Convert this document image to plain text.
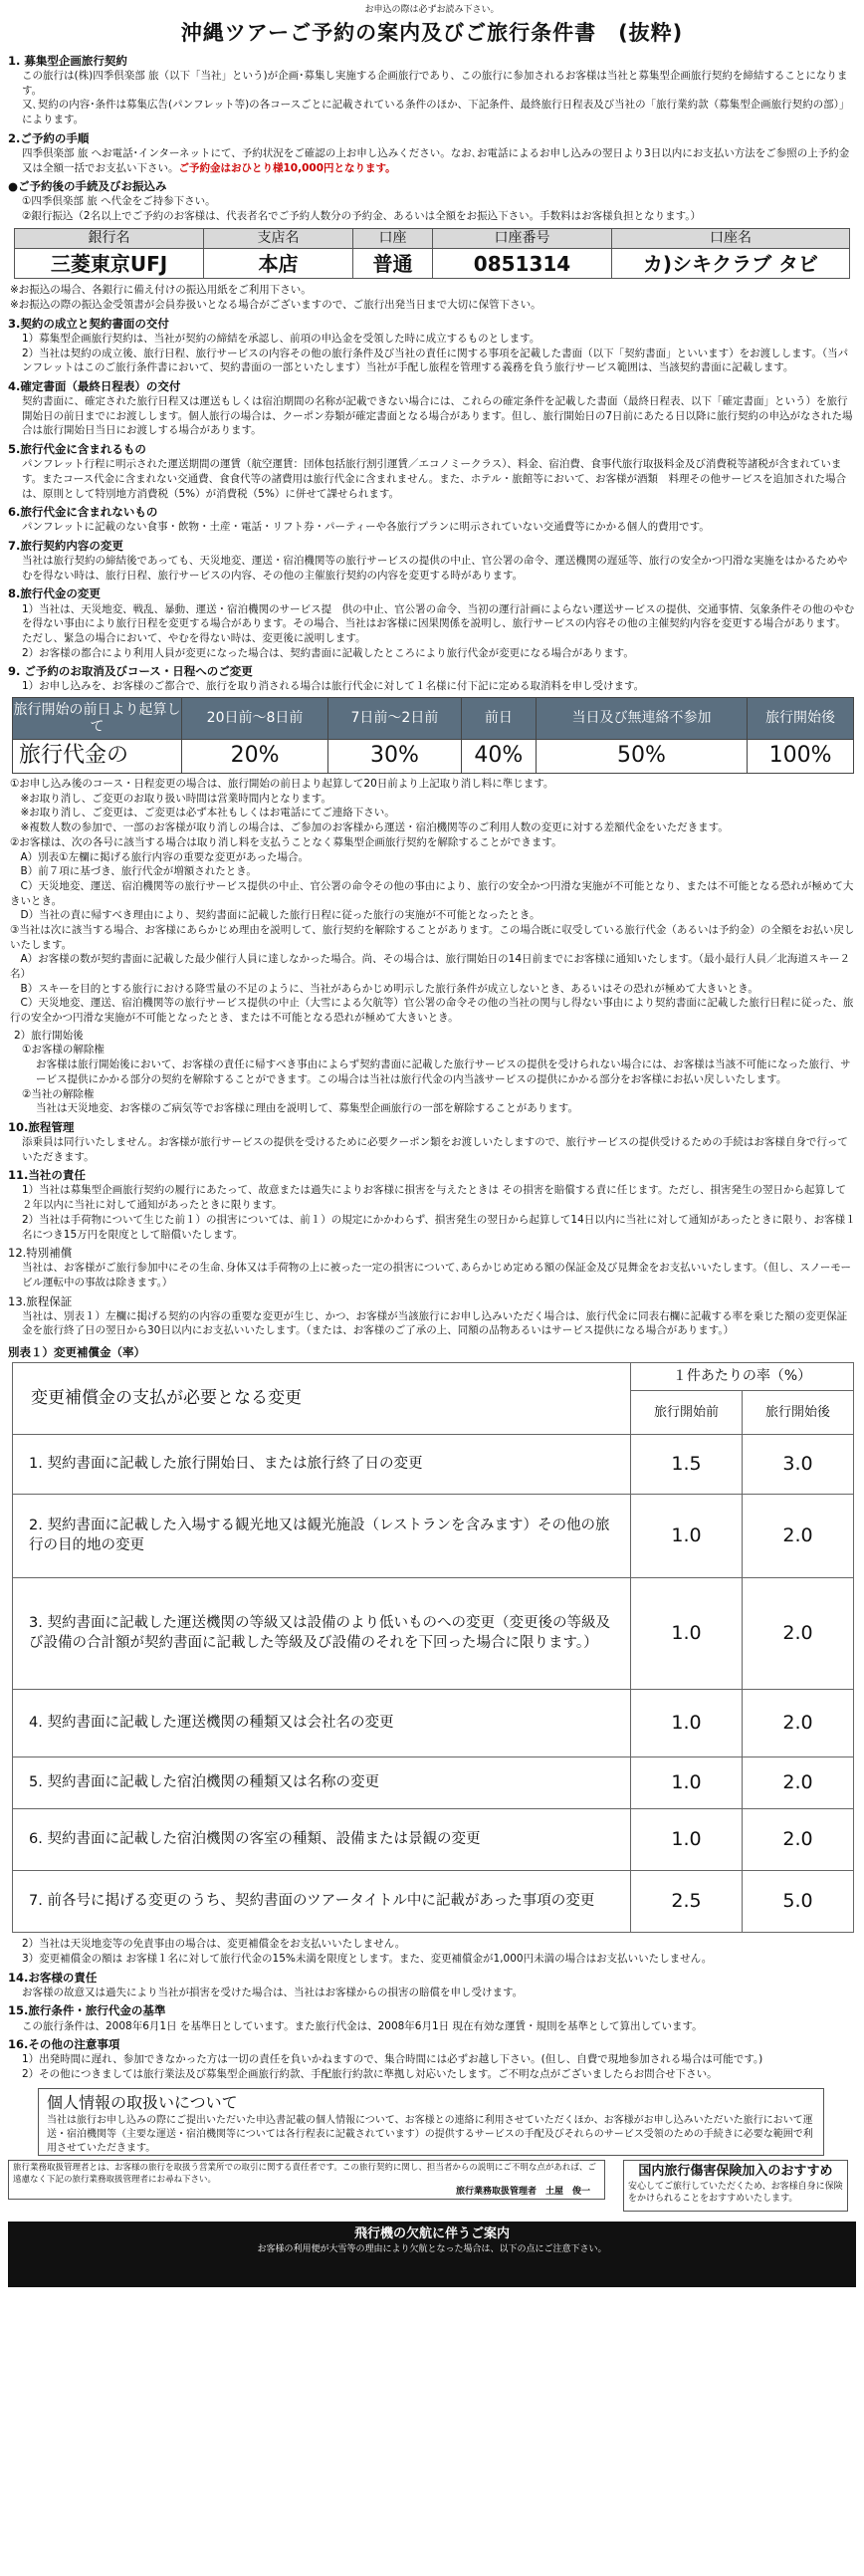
お申込の際は必ずお読み下さい。
沖縄ツアーご予約の案内及びご旅行条件書　(抜粋)
1. 募集型企画旅行契約
この旅行は(株)四季倶楽部 旅（以下「当社」という)が企画･募集し実施する企画旅行であり、この旅行に参加されるお客様は当社と募集型企画旅行契約を締結することになります。
又､契約の内容･条件は募集広告(パンフレット等)の各コースごとに記載されている条件のほか、下記条件、最終旅行日程表及び当社の「旅行業約款（募集型企画旅行契約の部）」によります。
2.ご予約の手順
四季倶楽部 旅 へお電話･インターネットにて、予約状況をご確認の上お申し込みください。なお､お電話によるお申し込みの翌日より3日以内にお支払い方法をご参照の上予約金又は全額一括でお支払い下さい。ご予約金はおひとり様10,000円となります。
●ご予約後の手続及びお振込み
①四季倶楽部 旅 へ代金をご持参下さい。
②銀行振込（2名以上でご予約のお客様は、代表者名でご予約人数分の予約金、あるいは全額をお振込下さい。手数料はお客様負担となります。）
銀行名	支店名	口座	口座番号	口座名
三菱東京UFJ	本店	普通	0851314	カ)シキクラブ タビ
※お振込の場合、各銀行に備え付けの振込用紙をご利用下さい。
※お振込の際の振込金受領書が会員券扱いとなる場合がございますので、ご旅行出発当日まで大切に保管下さい。
3.契約の成立と契約書面の交付
1）募集型企画旅行契約は、当社が契約の締結を承認し、前項の申込金を受領した時に成立するものとします。
2）当社は契約の成立後、旅行日程、旅行サービスの内容その他の旅行条件及び当社の責任に関する事項を記載した書面（以下「契約書面」といいます）をお渡しします。（当パンフレットはこのご旅行条件書において、契約書面の一部といたします）当社が手配し旅程を管理する義務を負う旅行サービス範囲は、当該契約書面に記載します。
4.確定書面（最終日程表）の交付
契約書面に、確定された旅行日程又は運送もしくは宿泊期間の名称が記載できない場合には、これらの確定条件を記載した書面（最終日程表、以下「確定書面」という）を旅行開始日の前日までにお渡しします。個人旅行の場合は、クーポン券類が確定書面となる場合があります。但し、旅行開始日の7日前にあたる日以降に旅行契約の申込がなされた場合は旅行開始日当日にお渡しする場合があります。
5.旅行代金に含まれるもの
パンフレット行程に明示された運送期間の運賃（航空運賃：団体包括旅行割引運賃／エコノミークラス）、料金、宿泊費、食事代旅行取扱料金及び消費税等諸税が含まれています。またコース代金に含まれない交通費、食食代等の諸費用は旅行代金に含まれません。また、ホテル・旅館等において、お客様が酒類　料理その他サービスを追加された場合は、原則として特別地方消費税（5%）が消費税（5%）に併せて課せられます。
6.旅行代金に含まれないもの
パンフレットに記載のない食事・飲物・土産・電話・リフト券・パーティーや各旅行プランに明示されていない交通費等にかかる個人的費用です。
7.旅行契約内容の変更
当社は旅行契約の締結後であっても、天災地変、運送・宿泊機関等の旅行サービスの提供の中止、官公署の命令、運送機関の遅延等、旅行の安全かつ円滑な実施をはかるためやむを得ない時は、旅行日程、旅行サービスの内容、その他の主催旅行契約の内容を変更する時があります。
8.旅行代金の変更
1）当社は、天災地変、戦乱、暴動、運送・宿泊機関のサービス提　供の中止、官公署の命令、当初の運行計画によらない運送サービスの提供、交通事情、気象条件その他のやむを得ない事由により旅行日程を変更する場合があります。その場合、当社はお客様に因果関係を説明し、旅行サービスの内容その他の主催契約内容を変更する場合があります。ただし、緊急の場合において、やむを得ない時は、変更後に説明します。
2）お客様の都合により利用人員が変更になった場合は、契約書面に記載したところにより旅行代金が変更になる場合があります。
9. ご予約のお取消及びコース・日程へのご変更
1）お申し込みを、お客様のご都合で、旅行を取り消される場合は旅行代金に対して１名様に付下記に定める取消料を申し受けます。
旅行開始の前日より起算して	20日前～8日前	7日前～2日前	前日	当日及び無連絡不参加	旅行開始後
旅行代金の	20%	30%	40%	50%	100%
①お申し込み後のコース・日程変更の場合は、旅行開始の前日より起算して20日前より上記取り消し料に準じます。
　※お取り消し、ご変更のお取り扱い時間は営業時間内となります。
　※お取り消し、ご変更は、ご変更は必ず本社もしくはお電話にてご連絡下さい。
　※複数人数の参加で、一部のお客様が取り消しの場合は、ご参加のお客様から運送・宿泊機関等のご利用人数の変更に対する差額代金をいただきます。
②お客様は、次の各号に該当する場合は取り消し料を支払うことなく募集型企画旅行契約を解除することができます。
　A）別表①左欄に掲げる旅行内容の重要な変更があった場合。
　B）前７項に基づき、旅行代金が増額されたとき。
　C）天災地変、運送、宿泊機関等の旅行サービス提供の中止、官公署の命令その他の事由により、旅行の安全かつ円滑な実施が不可能となり、または不可能となる恐れが極めて大きいとき。
　D）当社の責に帰すべき理由により、契約書面に記載した旅行日程に従った旅行の実施が不可能となったとき。
③当社は次に該当する場合、お客様にあらかじめ理由を説明して、旅行契約を解除することがあります。この場合既に収受している旅行代金（あるいは予約金）の全額をお払い戻しいたします。
　A）お客様の数が契約書面に記載した最少催行人員に達しなかった場合。尚、その場合は、旅行開始日の14日前までにお客様に通知いたします。（最小最行人員／北海道スキー２名）
　B）スキーを目的とする旅行における降雪量の不足のように、当社があらかじめ明示した旅行条件が成立しないとき、あるいはその恐れが極めて大きいとき。
　C）天災地変、運送、宿泊機関等の旅行サービス提供の中止（大雪による欠航等）官公署の命令その他の当社の関与し得ない事由により契約書面に記載した旅行日程に従った、旅行の安全かつ円滑な実施が不可能となったとき、または不可能となる恐れが極めて大きいとき。
2）旅行開始後
①お客様の解除権
お客様は旅行開始後において、お客様の責任に帰すべき事由によらず契約書面に記載した旅行サービスの提供を受けられない場合には、お客様は当該不可能になった旅行、サービス提供にかかる部分の契約を解除することができます。この場合は当社は旅行代金の内当該サービスの提供にかかる部分をお客様にお払い戻しいたします。
②当社の解除権
当社は天災地変、お客様のご病気等でお客様に理由を説明して、募集型企画旅行の一部を解除することがあります。
10.旅程管理
添乗員は同行いたしません。お客様が旅行サービスの提供を受けるために必要クーポン類をお渡しいたしますので、旅行サービスの提供受けるための手続はお客様自身で行っていただきます。
11.当社の責任
1）当社は募集型企画旅行契約の履行にあたって、故意または過失によりお客様に損害を与えたときは その損害を賠償する責に任じます。ただし、損害発生の翌日から起算して２年以内に当社に対して通知があったときに限ります。
2）当社は手荷物について生じた前１）の損害については、前１）の規定にかかわらず、損害発生の翌日から起算して14日以内に当社に対して通知があったときに限り、お客様１名につき15万円を限度として賠償いたします。
12.特別補償
当社は、お客様がご旅行参加中にその生命､身体又は手荷物の上に被った一定の損害について､あらかじめ定める額の保証金及び見舞金をお支払いいたします。（但し、スノーモービル運転中の事故は除きます。）
13.旅程保証
当社は、別表１）左欄に掲げる契約の内容の重要な変更が生じ、かつ、お客様が当該旅行にお申し込みいただく場合は、旅行代金に同表右欄に記載する率を乗じた額の変更保証金を旅行終了日の翌日から30日以内にお支払いいたします。（または、お客様のご了承の上、同額の品物あるいはサービス提供になる場合があります。）
別表１）変更補償金（率）
変更補償金の支払が必要となる変更	１件あたりの率（%）	
	旅行開始前	旅行開始後
1. 契約書面に記載した旅行開始日、または旅行終了日の変更	1.5	3.0
2. 契約書面に記載した入場する観光地又は観光施設（レストランを含みます）その他の旅行の目的地の変更	1.0	2.0
3. 契約書面に記載した運送機関の等級又は設備のより低いものへの変更（変更後の等級及び設備の合計額が契約書面に記載した等級及び設備のそれを下回った場合に限ります。）	1.0	2.0
4. 契約書面に記載した運送機関の種類又は会社名の変更	1.0	2.0
5. 契約書面に記載した宿泊機関の種類又は名称の変更	1.0	2.0
6. 契約書面に記載した宿泊機関の客室の種類、設備または景観の変更	1.0	2.0
7. 前各号に掲げる変更のうち、契約書面のツアータイトル中に記載があった事項の変更	2.5	5.0
2）当社は天災地変等の免責事由の場合は、変更補償金をお支払いいたしません。
3）変更補償金の額は お客様１名に対して旅行代金の15%未満を限度とします。また、変更補償金が1,000円未満の場合はお支払いいたしません。
14.お客様の責任
お客様の故意又は過失により当社が損害を受けた場合は、当社はお客様からの損害の賠償を申し受けます。
15.旅行条件・旅行代金の基準
この旅行条件は、2008年6月1日 を基準日としています。また旅行代金は、2008年6月1日 現在有効な運賃・規則を基準として算出しています。
16.その他の注意事項
1）出発時間に遅れ、参加できなかった方は一切の責任を負いかねますので、集合時間には必ずお越し下さい。(但し、自費で現地参加される場合は可能です。)
2）その他につきましては旅行業法及び募集型企画旅行約款、手配旅行約款に準拠し対応いたします。ご不明な点がございましたらお問合せ下さい。
個人情報の取扱いについて
当社は旅行お申し込みの際にご提出いただいた申込書記載の個人情報について、お客様との連絡に利用させていただくほか、お客様がお申し込みいただいた旅行において運送・宿泊機関等（主要な運送・宿泊機関等については各行程表に記載されています）の提供するサービスの手配及びそれらのサービス受領のための手続きに必要な範囲で利用させていただきます。
旅行業務取扱管理者とは、お客様の旅行を取扱う営業所での取引に関する責任者です。この旅行契約に関し、担当者からの説明にご不明な点があれば、ご遠慮なく下記の旅行業務取扱管理者にお尋ね下さい。
旅行業務取扱管理者　 土屋　俊一
国内旅行傷害保険加入のおすすめ
安心してご旅行していただくため、お客様自身に保険をかけられることをおすすめいたします。
飛行機の欠航に伴うご案内
お客様の利用便が大雪等の理由により欠航となった場合は、以下の点にご注意下さい。
